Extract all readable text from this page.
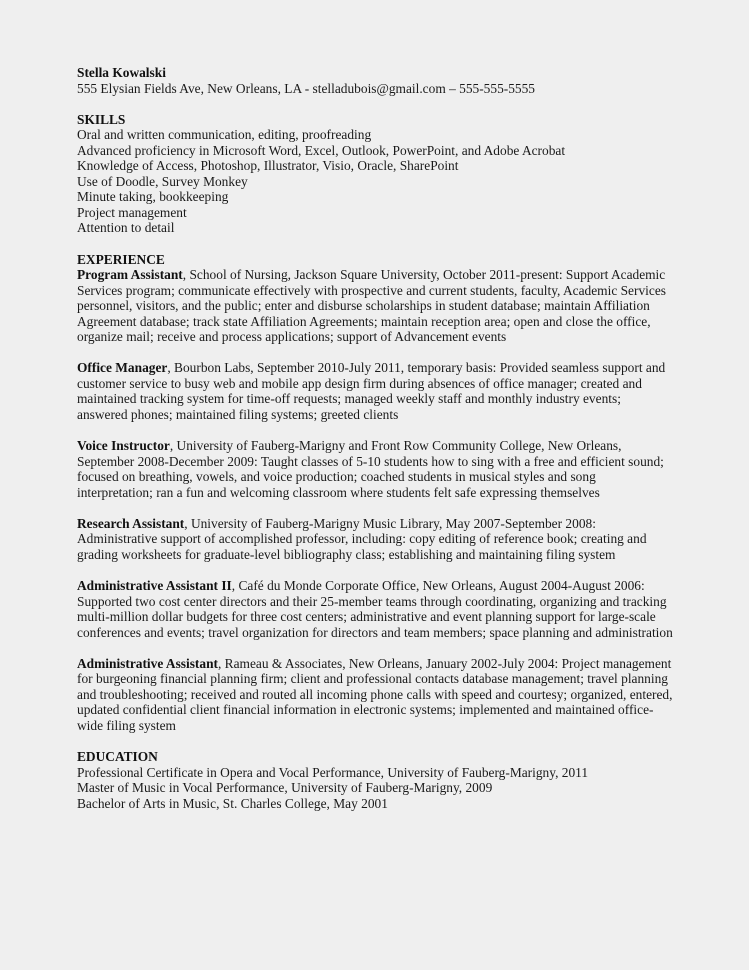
Stella Kowalski
555 Elysian Fields Ave, New Orleans, LA - stelladubois@gmail.com – 555-555-5555
SKILLS
Oral and written communication, editing, proofreading
Advanced proficiency in Microsoft Word, Excel, Outlook, PowerPoint, and Adobe Acrobat
Knowledge of Access, Photoshop, Illustrator, Visio, Oracle, SharePoint
Use of Doodle, Survey Monkey
Minute taking, bookkeeping
Project management
Attention to detail
EXPERIENCE
Program Assistant, School of Nursing, Jackson Square University, October 2011-present: Support Academic
Services program; communicate effectively with prospective and current students, faculty, Academic Services
personnel, visitors, and the public; enter and disburse scholarships in student database; maintain Affiliation
Agreement database; track state Affiliation Agreements; maintain reception area; open and close the office,
organize mail; receive and process applications; support of Advancement events
Office Manager, Bourbon Labs, September 2010-July 2011, temporary basis: Provided seamless support and
customer service to busy web and mobile app design firm during absences of office manager; created and
maintained tracking system for time-off requests; managed weekly staff and monthly industry events;
answered phones; maintained filing systems; greeted clients
Voice Instructor, University of Fauberg-Marigny and Front Row Community College, New Orleans,
September 2008-December 2009: Taught classes of 5-10 students how to sing with a free and efficient sound;
focused on breathing, vowels, and voice production; coached students in musical styles and song
interpretation; ran a fun and welcoming classroom where students felt safe expressing themselves
Research Assistant, University of Fauberg-Marigny Music Library, May 2007-September 2008:
Administrative support of accomplished professor, including: copy editing of reference book; creating and
grading worksheets for graduate-level bibliography class; establishing and maintaining filing system
Administrative Assistant II, Café du Monde Corporate Office, New Orleans, August 2004-August 2006:
Supported two cost center directors and their 25-member teams through coordinating, organizing and tracking
multi-million dollar budgets for three cost centers; administrative and event planning support for large-scale
conferences and events; travel organization for directors and team members; space planning and administration
Administrative Assistant, Rameau & Associates, New Orleans, January 2002-July 2004: Project management
for burgeoning financial planning firm; client and professional contacts database management; travel planning
and troubleshooting; received and routed all incoming phone calls with speed and courtesy; organized, entered,
updated confidential client financial information in electronic systems; implemented and maintained office-
wide filing system
EDUCATION
Professional Certificate in Opera and Vocal Performance, University of Fauberg-Marigny, 2011
Master of Music in Vocal Performance, University of Fauberg-Marigny, 2009
Bachelor of Arts in Music, St. Charles College, May 2001
